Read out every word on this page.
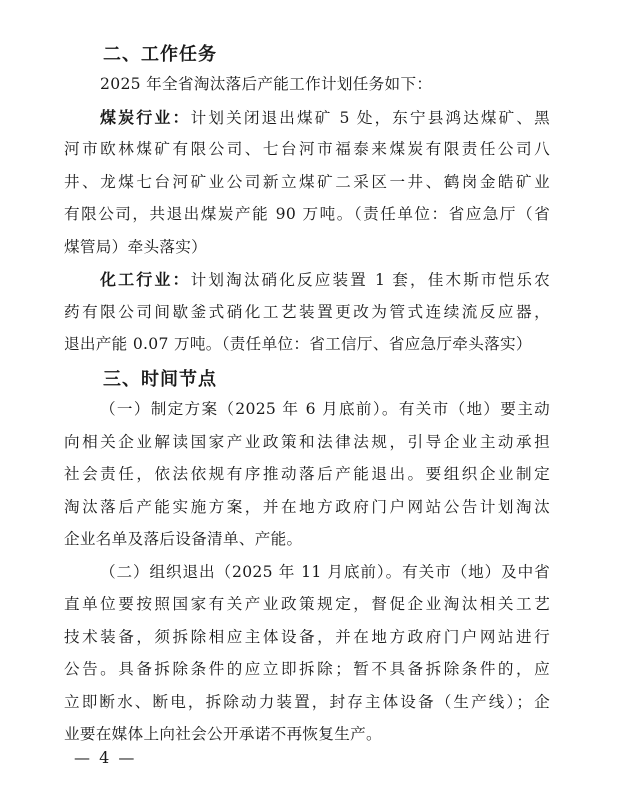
二、工作任务
2025 年全省淘汰落后产能工作计划任务如下：
煤炭行业：计划关闭退出煤矿 5 处，东宁县鸿达煤矿、黑
河市欧林煤矿有限公司、七台河市福泰来煤炭有限责任公司八
井、龙煤七台河矿业公司新立煤矿二采区一井、鹤岗金皓矿业
有限公司，共退出煤炭产能 90 万吨。（责任单位：省应急厅（省
煤管局）牵头落实）
化工行业：计划淘汰硝化反应装置 1 套，佳木斯市恺乐农
药有限公司间歇釜式硝化工艺装置更改为管式连续流反应器，
退出产能 0.07 万吨。（责任单位：省工信厅、省应急厅牵头落实）
三、时间节点
（一）制定方案（2025 年 6 月底前）。有关市（地）要主动
向相关企业解读国家产业政策和法律法规，引导企业主动承担
社会责任，依法依规有序推动落后产能退出。要组织企业制定
淘汰落后产能实施方案，并在地方政府门户网站公告计划淘汰
企业名单及落后设备清单、产能。
（二）组织退出（2025 年 11 月底前）。有关市（地）及中省
直单位要按照国家有关产业政策规定，督促企业淘汰相关工艺
技术装备，须拆除相应主体设备，并在地方政府门户网站进行
公告。具备拆除条件的应立即拆除；暂不具备拆除条件的，应
立即断水、断电，拆除动力装置，封存主体设备（生产线）；企
业要在媒体上向社会公开承诺不再恢复生产。
— 4 —
